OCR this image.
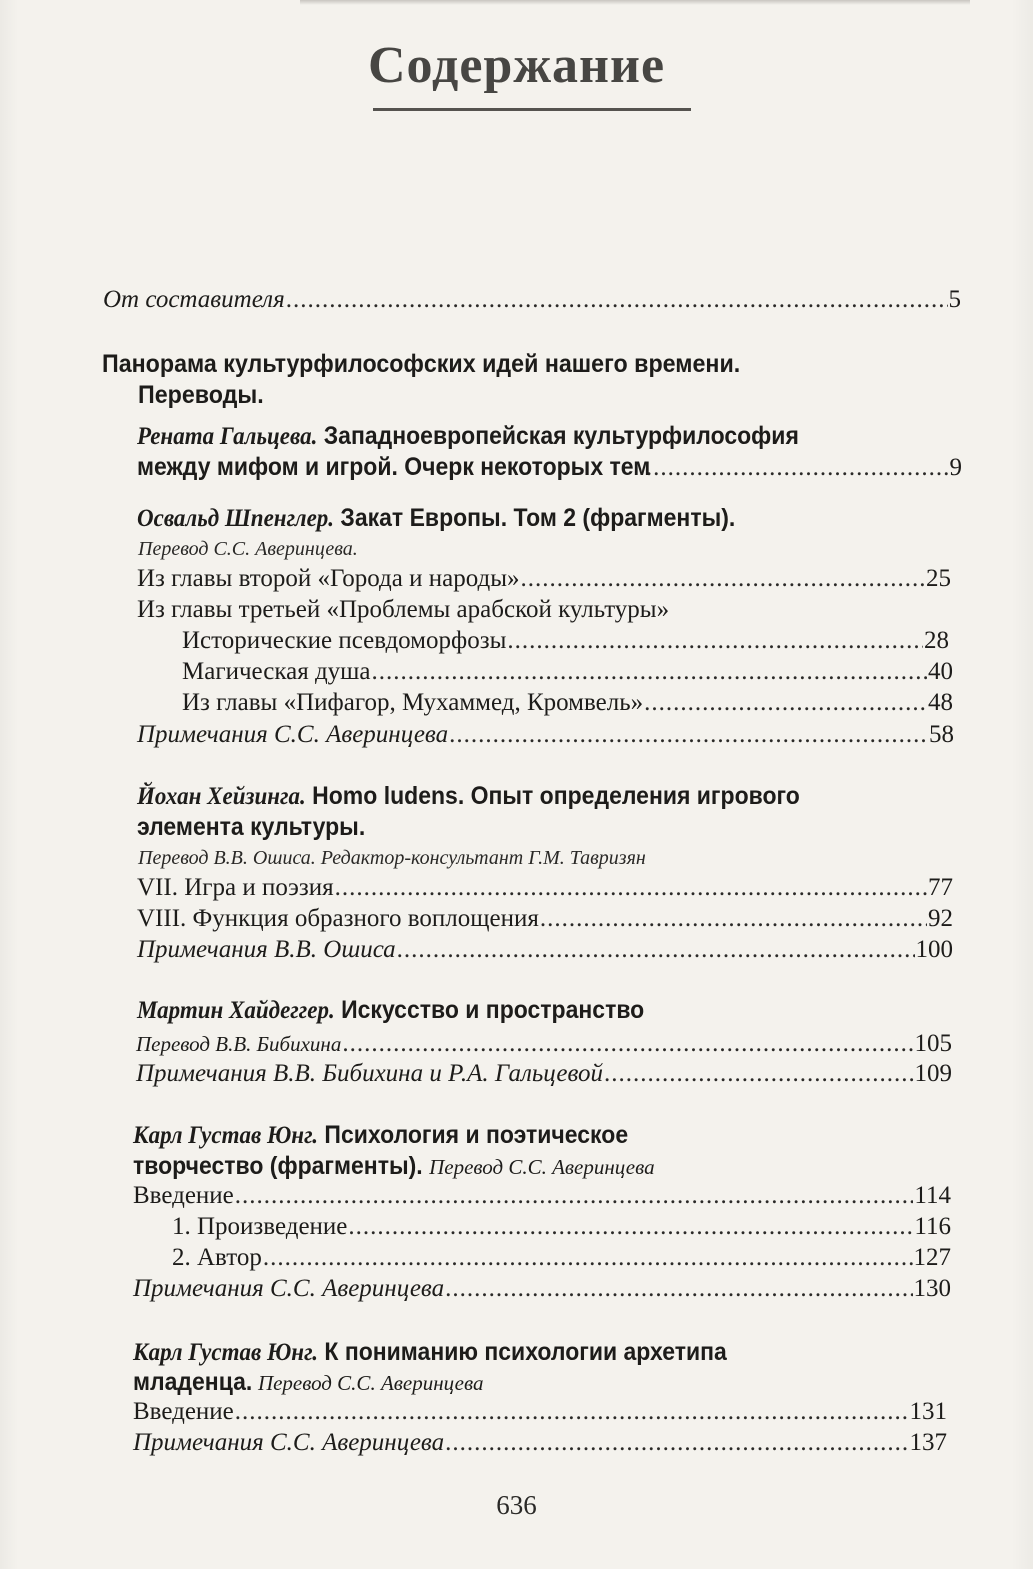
Содержание
От составителя .....	5
Панорама культурфилософских идей нашего времени.
Переводы.
Рената Гальцева. Западноевропейская культурфилософия
между мифом и игрой. Очерк некоторых тем .....	9
Освальд Шпенглер. Закат Европы. Том 2 (фрагменты).
Перевод С.С. Аверинцева.
Из главы второй «Города и народы» .....	25
Из главы третьей «Проблемы арабской культуры»
Исторические псевдоморфозы .....	28
Магическая душа .....	40
Из главы «Пифагор, Мухаммед, Кромвель» .....	48
Примечания С.С. Аверинцева .....	58
Йохан Хейзинга. Homo ludens. Опыт определения игрового
элемента культуры.
Перевод В.В. Ошиса. Редактор-консультант Г.М. Тавризян
VII. Игра и поэзия .....	77
VIII. Функция образного воплощения .....	92
Примечания В.В. Ошиса .....	100
Мартин Хайдеггер. Искусство и пространство
Перевод В.В. Бибихина .....	105
Примечания В.В. Бибихина и Р.А. Гальцевой .....	109
Карл Густав Юнг. Психология и поэтическое
творчество (фрагменты). Перевод С.С. Аверинцева
Введение .....	114
1. Произведение .....	116
2. Автор .....	127
Примечания С.С. Аверинцева .....	130
Карл Густав Юнг. К пониманию психологии архетипа
младенца. Перевод С.С. Аверинцева
Введение .....	131
Примечания С.С. Аверинцева .....	137
636
